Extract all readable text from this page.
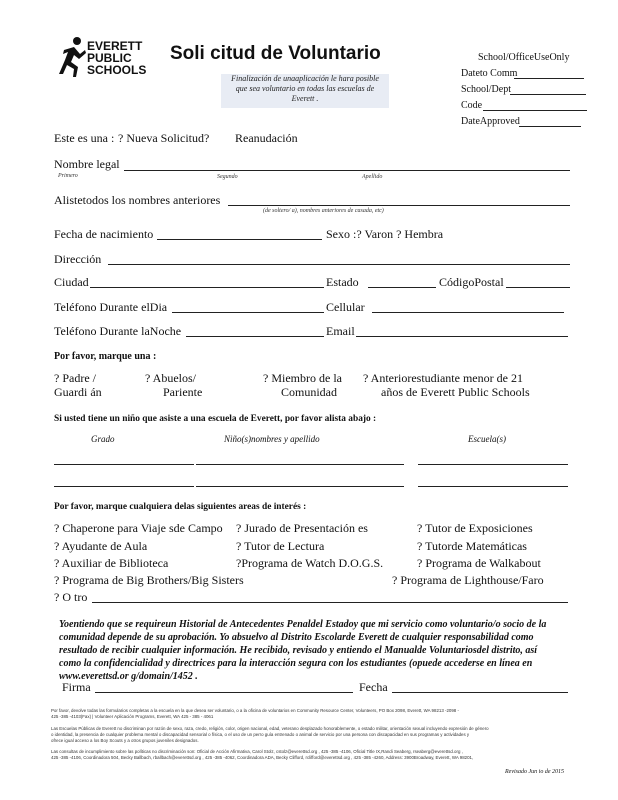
EVERETT
PUBLIC
SCHOOLS
Soli citud de Voluntario
Finalización de unaaplicación le hara posible
que sea voluntario en todas las escuelas de
Everett .
School/OfficeUseOnly
Dateto Comm
School/Dept
Code
DateApproved
Este es una : ? Nueva Solicitud? Reanudación
Nombre legal
Primero	Segundo	Apellido
Alistetodos los nombres anteriores
(de soltero/ a), nombres anteriores de casada, etc)
Fecha de nacimiento	Sexo :? Varon ? Hembra
Dirección
Ciudad	Estado	CódigoPostal
Teléfono Durante elDia	Cellular
Teléfono Durante laNoche	Email
Por favor, marque una :
? Padre /
Guardi án
? Abuelos/
Pariente
? Miembro de la
Comunidad
? Anteriorestudiante menor de 21
años de Everett Public Schools
Si usted tiene un niño que asiste a una escuela de Everett, por favor alista abajo :
Grado	Niño(s)nombres y apellido	Escuela(s)
Por favor, marque cualquiera delas siguientes areas de interés :
? Chaperone para Viaje sde Campo ? Jurado de Presentación es	? Tutor de Exposiciones
? Ayudante de Aula	? Tutor de Lectura	? Tutorde Matemáticas
? Auxiliar de Biblioteca	?Programa de Watch D.O.G.S.	? Programa de Walkabout
? Programa de Big Brothers/Big Sisters	? Programa de Lighthouse/Faro
? O tro
Yoentiendo que se requireun Historial de Antecedentes Penaldel Estadoy que mi servicio como voluntario/o socio de la
comunidad depende de su aprobación. Yo absuelvo al Distrito Escolarde Everett de cualquier responsabilidad como
resultado de recibir cualquier información. He recibido, revisado y entiendo el Manualde Voluntariosdel distrito, así
como la confidencialidad y directrices para la interacción segura con los estudiantes (opuede accederse en línea en
www.everettsd.or g/domain/1452 .
Firma	Fecha
Por favor, devolve todas las formularios completas a la escuela en la que desea ser voluntario, o a la oficina de voluntarios en Community Resource Center, Volunteers, PO Box 2098, Everett, WA 98213 -2098 -
425 -385 -4103(Fax) | Volunteer Aplicación Programs, Everett, WA 425 - 385 - 4061
Las Escuelas Públicas de Everett no discriminan por razón de sexo, raza, credo, religión, color, origen nacional, edad, veterano desplazado honorablemente, o estado militar, orientación sexual incluyendo expresión de género
o identidad, la presencia de cualquier problema mental o discapacidad sensorial o física, o el uso de un perro guía entrenado o animal de servicio por una persona con discapacidad en sus programas y actividades y
ofrece igual acceso a los Boy Scouts y a otros grupos juveniles designados.
Las consultas de incumplimiento sobre las políticas no discriminación son: Oficial de Acción Afirmativa, Carol Stolz, cstolz@everettsd.org , 425 -385 -4106, Oficial Title IX,Randi Seaberg, rseaberg@everettsd.org ,
425 -385 -4106, Coordinadora 504, Becky Ballbach, rballbach@everettsd.org , 425 -385 -4062, Coordinadora ADA, Becky Clifford, rclifford@everettsd.org , 425 -385 -4260, Address: 3900Broadway, Everett, WA 98201,
Revisado Jun io de 2015
